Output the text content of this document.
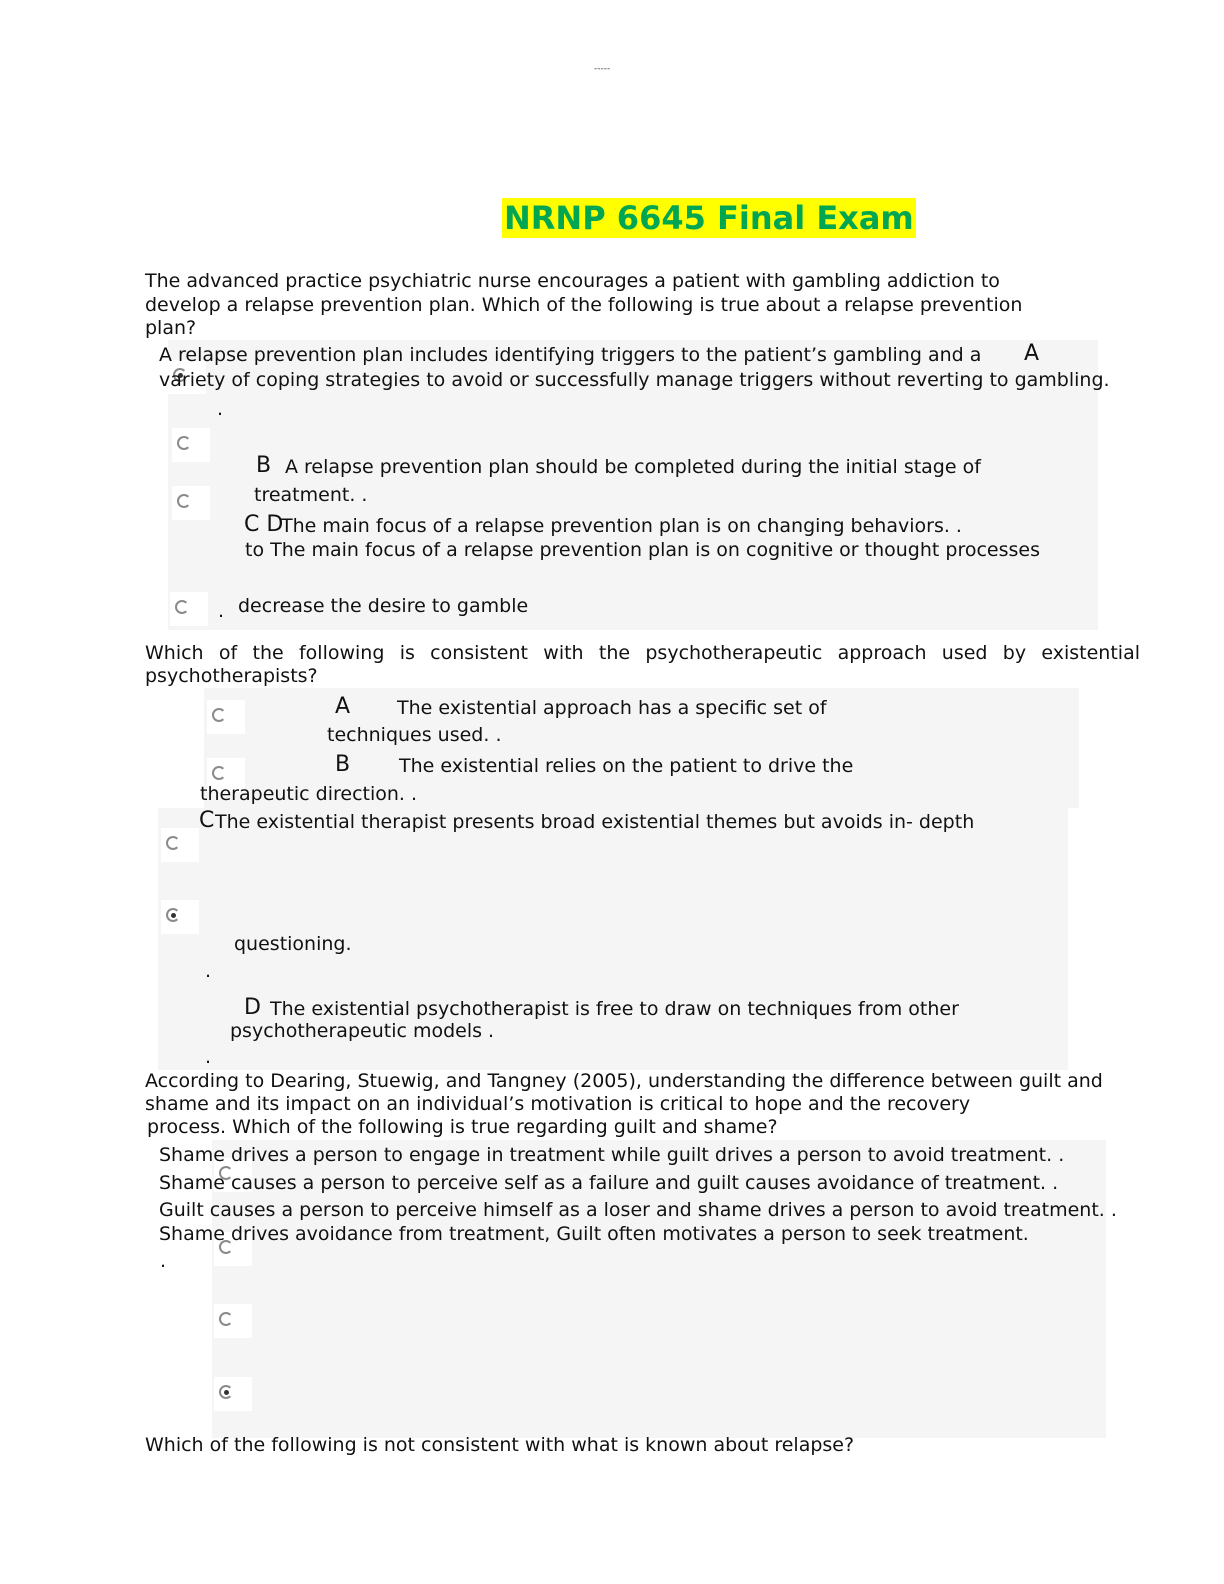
-----
NRNP 6645 Final Exam
The advanced practice psychiatric nurse encourages a patient with gambling addiction to
develop a relapse prevention plan. Which of the following is true about a relapse prevention
plan?
A relapse prevention plan includes identifying triggers to the patient’s gambling and a A
variety of coping strategies to avoid or successfully manage triggers without reverting to gambling.
.
B A relapse prevention plan should be completed during the initial stage of
treatment. .
C D
The main focus of a relapse prevention plan is on changing behaviors. .
to The main focus of a relapse prevention plan is on cognitive or thought processes
. decrease the desire to gamble
Which of the following is consistent with the psychotherapeutic approach used by existential
psychotherapists?
A The existential approach has a specific set of
techniques used. .
B	The existential relies on the patient to drive the
therapeutic direction. .
C The existential therapist presents broad existential themes but avoids in- depth
questioning.
.
D The existential psychotherapist is free to draw on techniques from other
psychotherapeutic models .
.
According to Dearing, Stuewig, and Tangney (2005), understanding the difference between guilt and
shame and its impact on an individual’s motivation is critical to hope and the recovery
process. Which of the following is true regarding guilt and shame?
Shame drives a person to engage in treatment while guilt drives a person to avoid treatment. .
Shame causes a person to perceive self as a failure and guilt causes avoidance of treatment. .
Guilt causes a person to perceive himself as a loser and shame drives a person to avoid treatment. .
Shame drives avoidance from treatment, Guilt often motivates a person to seek treatment.
.
Which of the following is not consistent with what is known about relapse?
